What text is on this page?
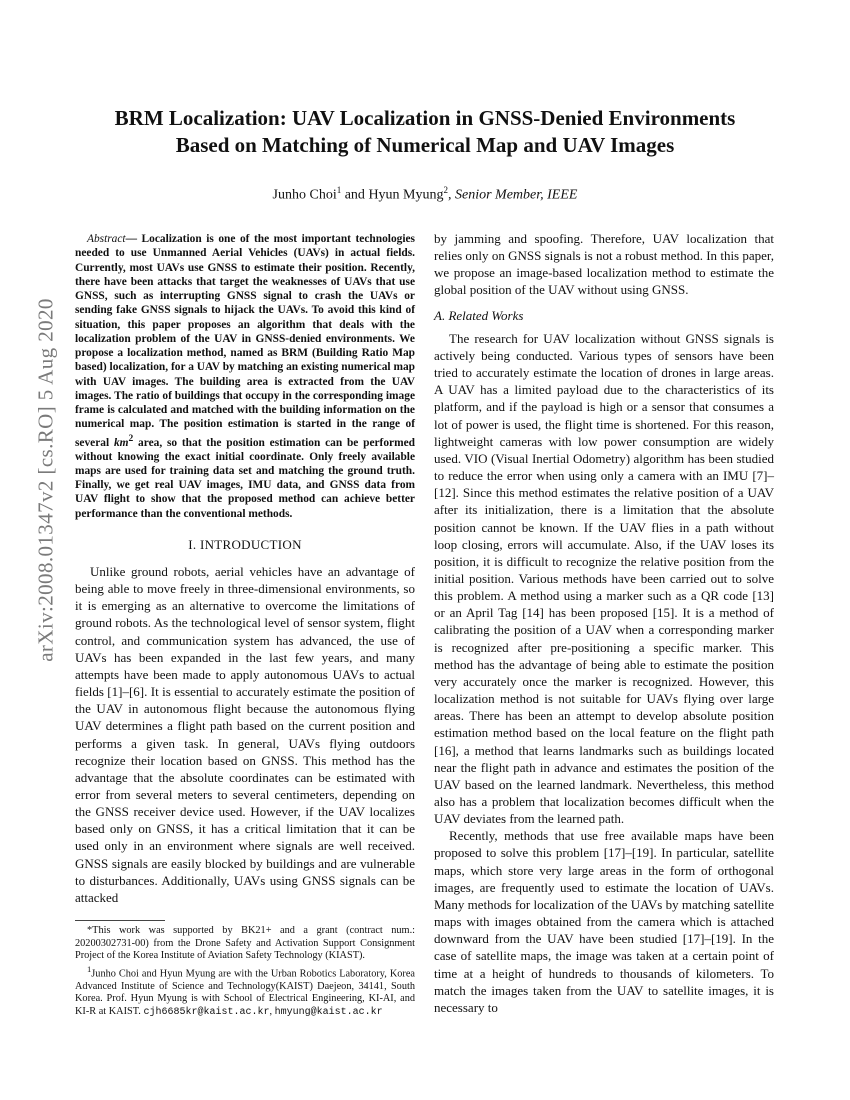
arXiv:2008.01347v2 [cs.RO] 5 Aug 2020
BRM Localization: UAV Localization in GNSS-Denied Environments
Based on Matching of Numerical Map and UAV Images
Junho Choi$^1$ and Hyun Myung$^2$, Senior Member, IEEE

Abstract— Localization is one of the most important technologies needed to use Unmanned Aerial Vehicles (UAVs) in actual fields. Currently, most UAVs use GNSS to estimate their position. Recently, there have been attacks that target the weaknesses of UAVs that use GNSS, such as interrupting GNSS signal to crash the UAVs or sending fake GNSS signals to hijack the UAVs. To avoid this kind of situation, this paper proposes an algorithm that deals with the localization problem of the UAV in GNSS-denied environments. We propose a localization method, named as BRM (Building Ratio Map based) localization, for a UAV by matching an existing numerical map with UAV images. The building area is extracted from the UAV images. The ratio of buildings that occupy in the corresponding image frame is calculated and matched with the building information on the numerical map. The position estimation is started in the range of several $km^2$ area, so that the position estimation can be performed without knowing the exact initial coordinate. Only freely available maps are used for training data set and matching the ground truth. Finally, we get real UAV images, IMU data, and GNSS data from UAV flight to show that the proposed method can achieve better performance than the conventional methods.

I. INTRODUCTION

Unlike ground robots, aerial vehicles have an advantage of being able to move freely in three-dimensional environments, so it is emerging as an alternative to overcome the limitations of ground robots. As the technological level of sensor system, flight control, and communication system has advanced, the use of UAVs has been expanded in the last few years, and many attempts have been made to apply autonomous UAVs to actual fields [1]–[6]. It is essential to accurately estimate the position of the UAV in autonomous flight because the autonomous flying UAV determines a flight path based on the current position and performs a given task. In general, UAVs flying outdoors recognize their location based on GNSS. This method has the advantage that the absolute coordinates can be estimated with error from several meters to several centimeters, depending on the GNSS receiver device used. However, if the UAV localizes based only on GNSS, it has a critical limitation that it can be used only in an environment where signals are well received. GNSS signals are easily blocked by buildings and are vulnerable to disturbances. Additionally, UAVs using GNSS signals can be attacked

*This work was supported by BK21+ and a grant (contract num.: 20200302731-00) from the Drone Safety and Activation Support Consignment Project of the Korea Institute of Aviation Safety Technology (KIAST).

$^1$Junho Choi and Hyun Myung are with the Urban Robotics Laboratory, Korea Advanced Institute of Science and Technology(KAIST) Daejeon, 34141, South Korea. Prof. Hyun Myung is with School of Electrical Engineering, KI-AI, and KI-R at KAIST. cjh6685kr@kaist.ac.kr, hmyung@kaist.ac.kr

by jamming and spoofing. Therefore, UAV localization that relies only on GNSS signals is not a robust method. In this paper, we propose an image-based localization method to estimate the global position of the UAV without using GNSS.

A. Related Works

The research for UAV localization without GNSS signals is actively being conducted. Various types of sensors have been tried to accurately estimate the location of drones in large areas. A UAV has a limited payload due to the characteristics of its platform, and if the payload is high or a sensor that consumes a lot of power is used, the flight time is shortened. For this reason, lightweight cameras with low power consumption are widely used. VIO (Visual Inertial Odometry) algorithm has been studied to reduce the error when using only a camera with an IMU [7]–[12]. Since this method estimates the relative position of a UAV after its initialization, there is a limitation that the absolute position cannot be known. If the UAV flies in a path without loop closing, errors will accumulate. Also, if the UAV loses its position, it is difficult to recognize the relative position from the initial position. Various methods have been carried out to solve this problem. A method using a marker such as a QR code [13] or an April Tag [14] has been proposed [15]. It is a method of calibrating the position of a UAV when a corresponding marker is recognized after pre-positioning a specific marker. This method has the advantage of being able to estimate the position very accurately once the marker is recognized. However, this localization method is not suitable for UAVs flying over large areas. There has been an attempt to develop absolute position estimation method based on the local feature on the flight path [16], a method that learns landmarks such as buildings located near the flight path in advance and estimates the position of the UAV based on the learned landmark. Nevertheless, this method also has a problem that localization becomes difficult when the UAV deviates from the learned path.

Recently, methods that use free available maps have been proposed to solve this problem [17]–[19]. In particular, satellite maps, which store very large areas in the form of orthogonal images, are frequently used to estimate the location of UAVs. Many methods for localization of the UAVs by matching satellite maps with images obtained from the camera which is attached downward from the UAV have been studied [17]–[19]. In the case of satellite maps, the image was taken at a certain point of time at a height of hundreds to thousands of kilometers. To match the images taken from the UAV to satellite images, it is necessary to
